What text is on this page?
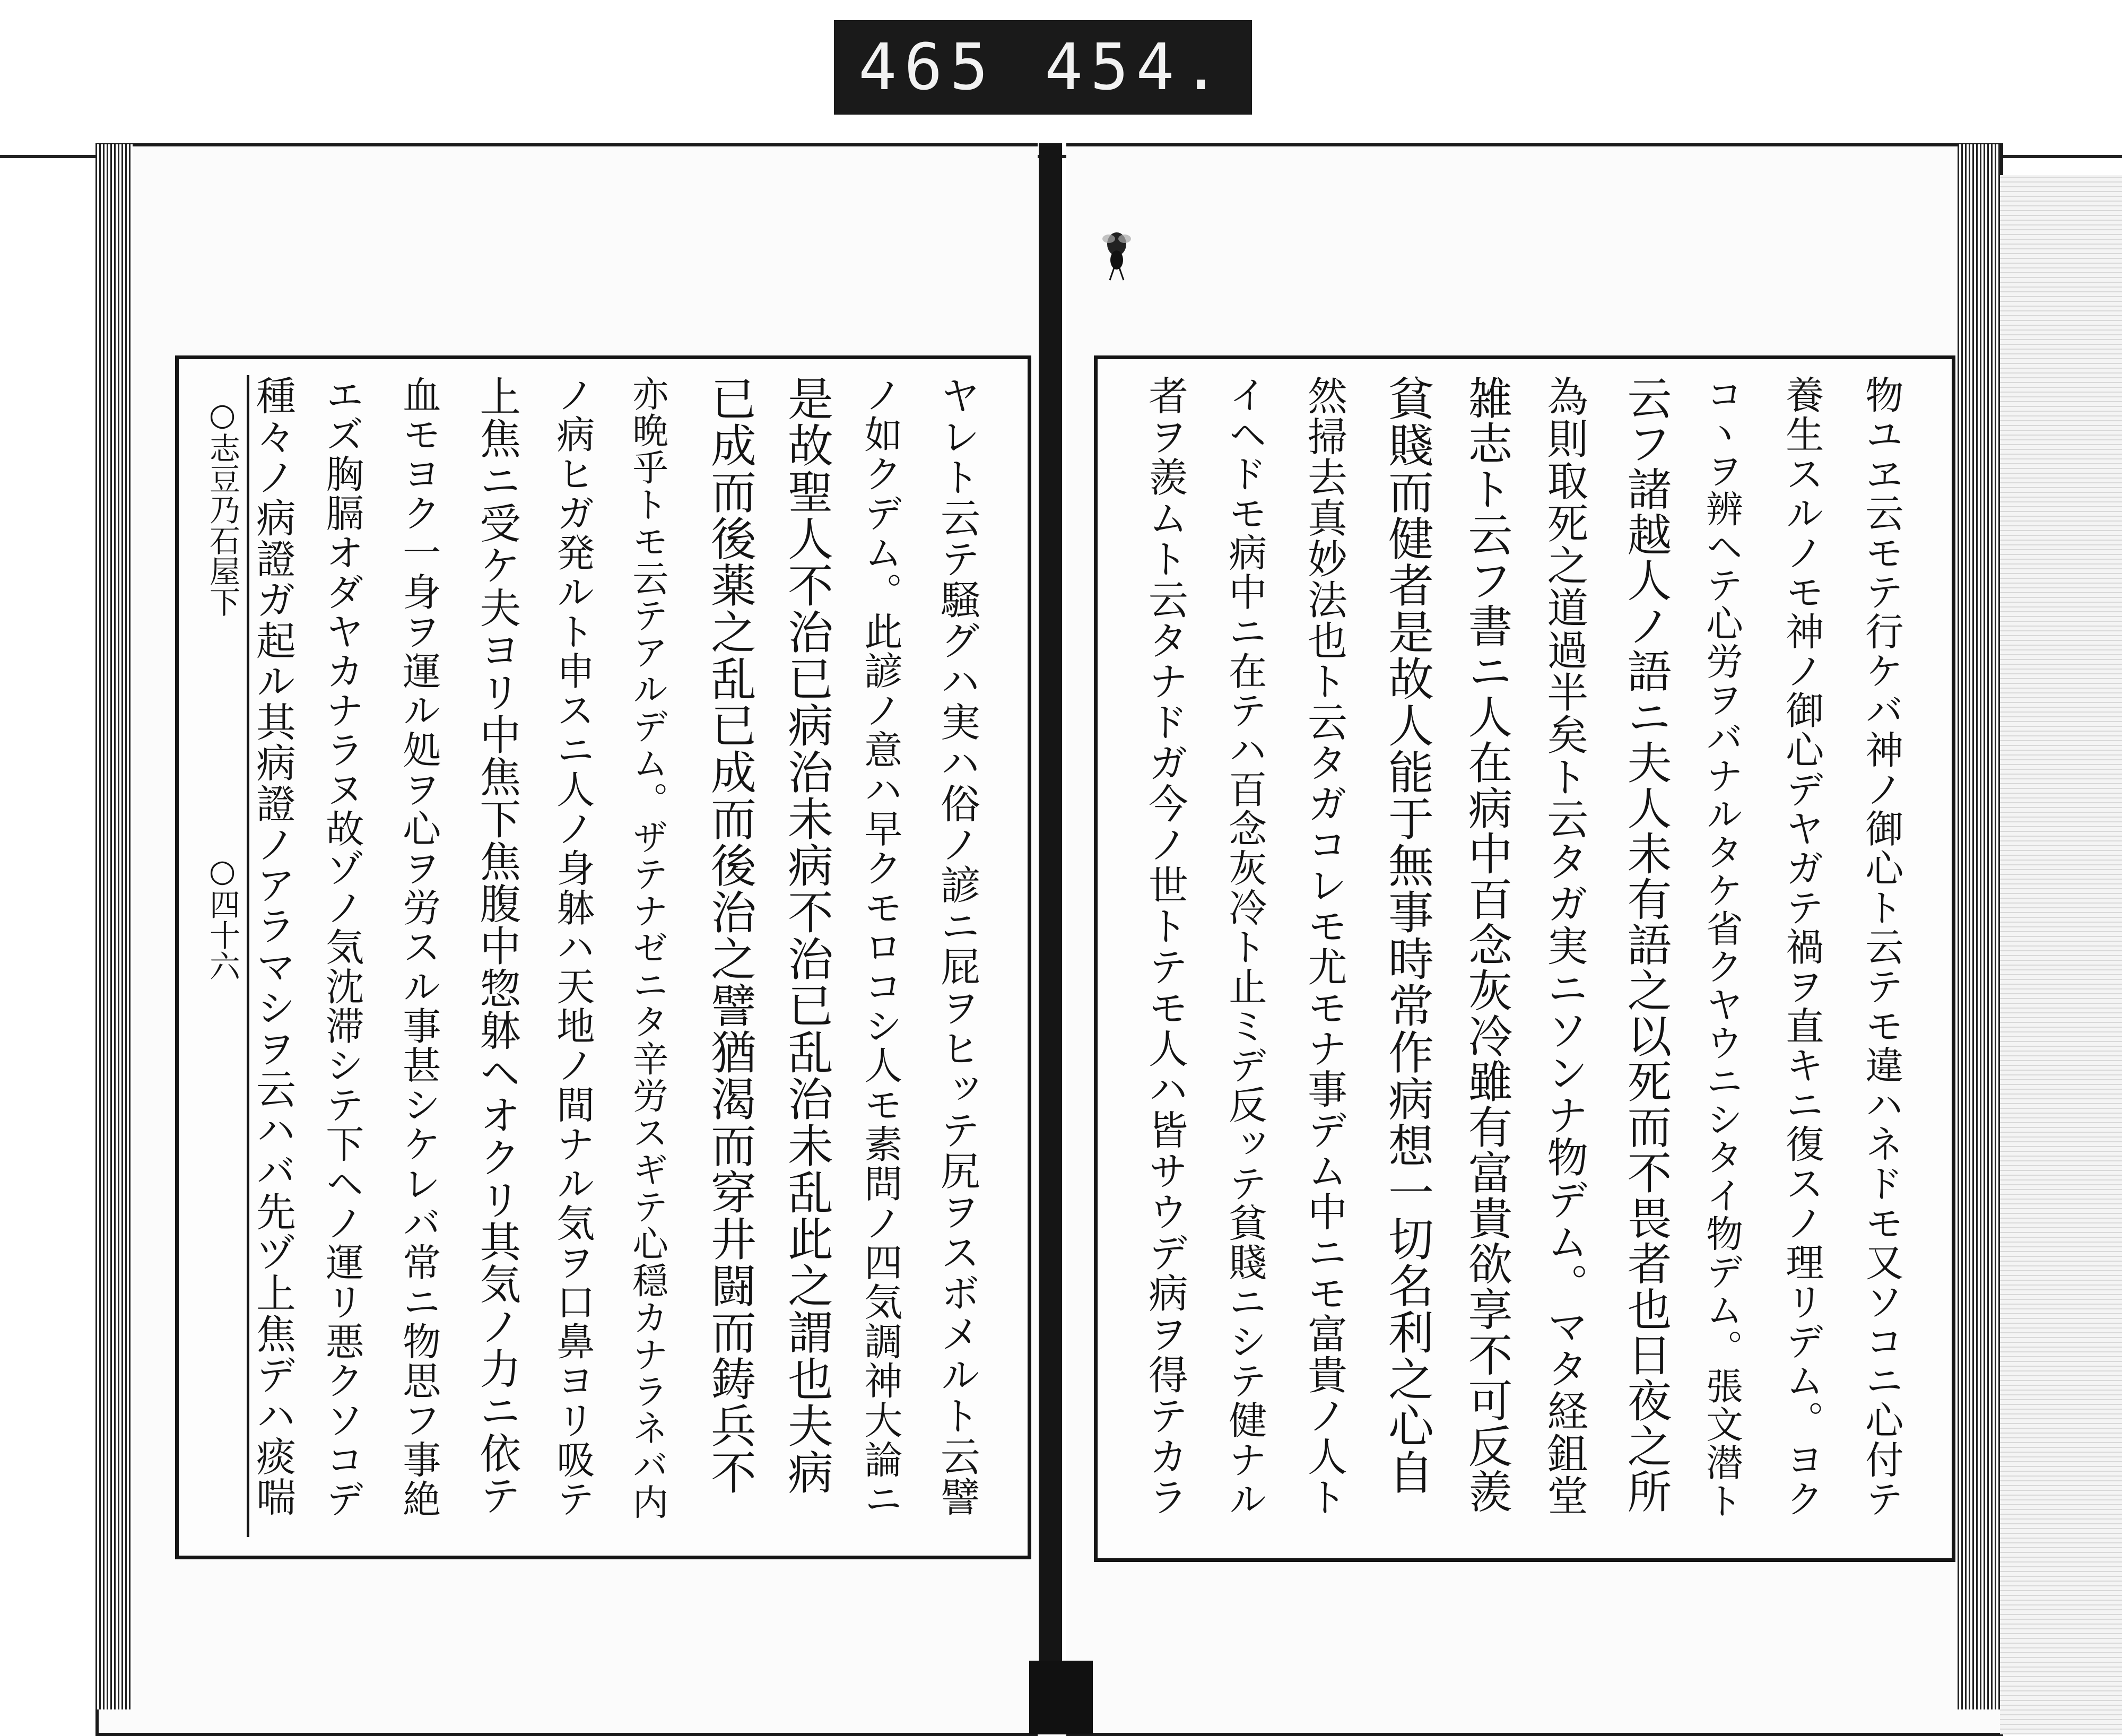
465 454.
ヤレト云テ騒グハ実ハ俗ノ諺ニ屁ヲヒッテ尻ヲスボメルト云譬
ノ如クデム。此諺ノ意ハ早クモロコシ人モ素問ノ四気調神大論ニ
是故聖人不治已病治未病不治已乱治未乱此之謂也夫病
已成而後薬之乱已成而後治之譬猶渴而穿井闘而鋳兵不
亦晩乎トモ云テアルデム。ザテナゼニタ辛労スギテ心穏カナラネバ内
ノ病ヒガ発ルト申スニ人ノ身躰ハ天地ノ間ナル気ヲ口鼻ヨリ吸テ
上焦ニ受ケ夫ヨリ中焦下焦腹中惣躰ヘオクリ其気ノ力ニ依テ
血モヨク一身ヲ運ル処ヲ心ヲ労スル事甚シケレバ常ニ物思フ事絶
エズ胸膈オダヤカナラヌ故ゾノ気沈滞シテ下ヘノ運リ悪クソコデ
種々ノ病證ガ起ル其病證ノアラマシヲ云ハバ先ヅ上焦デハ痰喘
○志豆乃石屋下
○四十六	物ユヱ云モテ行ケバ神ノ御心ト云テモ違ハネドモ又ソコニ心付テ
養生スルノモ神ノ御心デヤガテ禍ヲ直キニ復スノ理リデム。ヨク
コヽヲ辨ヘテ心労ヲバナルタケ省クヤウニシタイ物デム。張文潜ト
云フ諸越人ノ語ニ夫人未有語之以死而不畏者也日夜之所
為則取死之道過半矣ト云タガ実ニソンナ物デム。マタ経鉏堂
雑志ト云フ書ニ人在病中百念灰冷雖有富貴欲享不可反羨
貧賤而健者是故人能于無事時常作病想一切名利之心自
然掃去真妙法也ト云タガコレモ尤モナ事デム中ニモ富貴ノ人ト
イヘドモ病中ニ在テハ百念灰冷ト止ミデ反ッテ貧賤ニシテ健ナル
者ヲ羨ムト云タナドガ今ノ世トテモ人ハ皆サウデ病ヲ得テカラ
